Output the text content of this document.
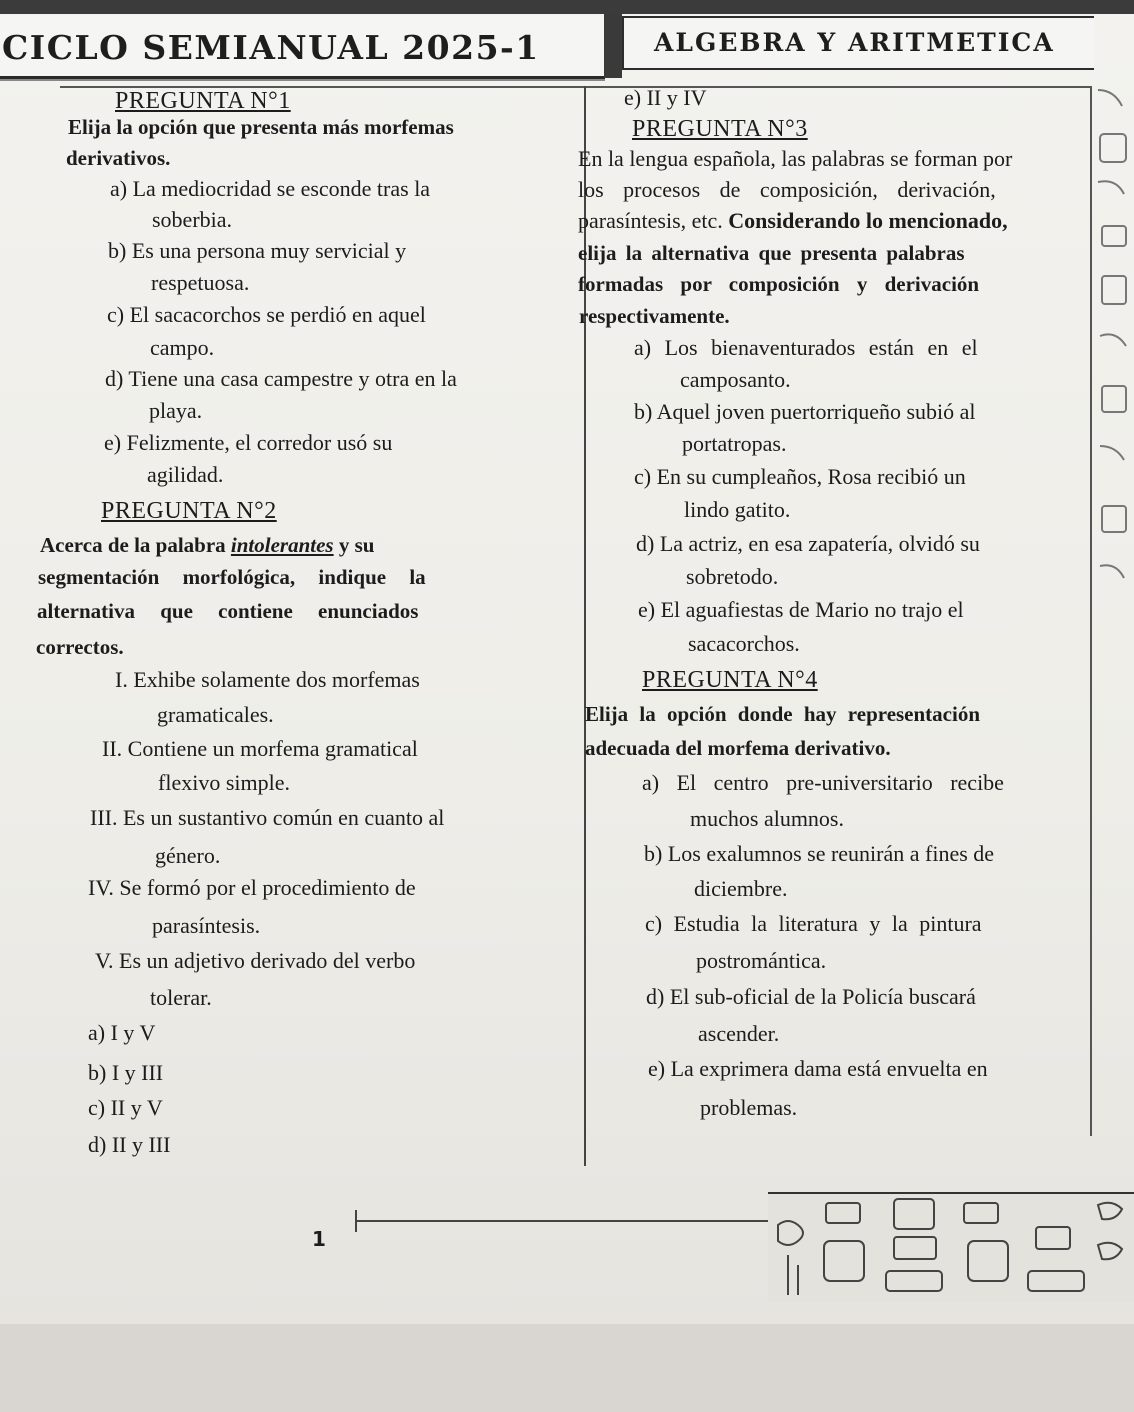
CICLO SEMIANUAL 2025-1	ALGEBRA Y ARITMETICA
PREGUNTA N°1
Elija la opción que presenta más morfemas
derivativos.
a) La mediocridad se esconde tras la
soberbia.
b) Es una persona muy servicial y
respetuosa.
c) El sacacorchos se perdió en aquel
campo.
d) Tiene una casa campestre y otra en la
playa.
e) Felizmente, el corredor usó su
agilidad.
PREGUNTA N°2
Acerca de la palabra intolerantes y su
segmentación morfológica, indique la
alternativa que contiene enunciados
correctos.
I. Exhibe solamente dos morfemas
gramaticales.
II. Contiene un morfema gramatical
flexivo simple.
III. Es un sustantivo común en cuanto al
género.
IV. Se formó por el procedimiento de
parasíntesis.
V. Es un adjetivo derivado del verbo
tolerar.
a) I y V
b) I y III
c) II y V
d) II y III
e) II y IV
PREGUNTA N°3
En la lengua española, las palabras se forman por
los procesos de composición, derivación,
parasíntesis, etc. Considerando lo mencionado,
elija la alternativa que presenta palabras
formadas por composición y derivación
respectivamente.
a) Los bienaventurados están en el
camposanto.
b) Aquel joven puertorriqueño subió al
portatropas.
c) En su cumpleaños, Rosa recibió un
lindo gatito.
d) La actriz, en esa zapatería, olvidó su
sobretodo.
e) El aguafiestas de Mario no trajo el
sacacorchos.
PREGUNTA N°4
Elija la opción donde hay representación
adecuada del morfema derivativo.
a) El centro pre-universitario recibe
muchos alumnos.
b) Los exalumnos se reunirán a fines de
diciembre.
c) Estudia la literatura y la pintura
postromántica.
d) El sub-oficial de la Policía buscará
ascender.
e) La exprimera dama está envuelta en
problemas.
1
